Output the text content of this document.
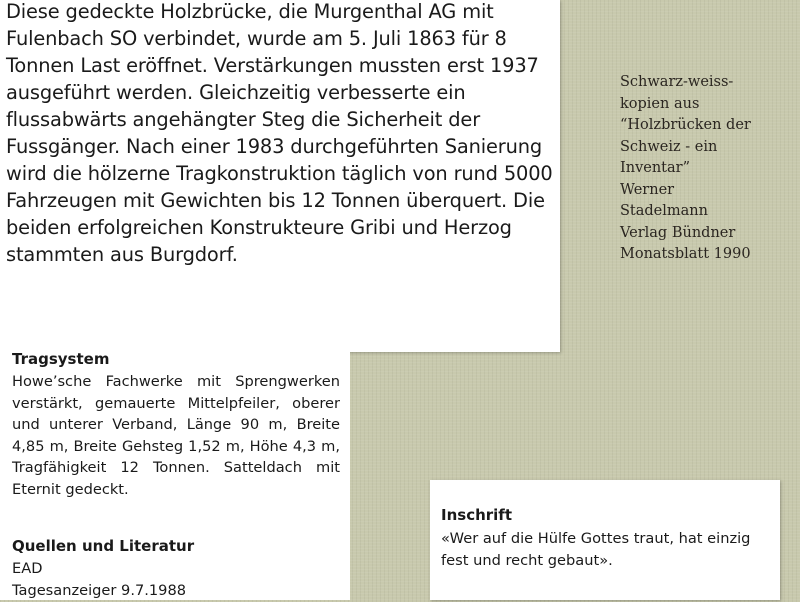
Diese gedeckte Holzbrücke, die Murgenthal AG mit Fulenbach SO verbindet, wurde am 5. Juli 1863 für 8 Tonnen Last eröffnet. Verstärkungen mussten erst 1937 ausgeführt werden. Gleichzeitig verbesserte ein flussabwärts angehängter Steg die Sicherheit der Fussgänger. Nach einer 1983 durchgeführten Sanierung wird die hölzerne Tragkonstruktion täglich von rund 5000 Fahrzeugen mit Gewichten bis 12 Tonnen überquert. Die beiden erfolgreichen Konstrukteure Gribi und Herzog stammten aus Burgdorf.

Tragsystem

Howe’sche Fachwerke mit Sprengwerken verstärkt, gemauerte Mittelpfeiler, oberer und unterer Verband, Länge 90 m, Breite 4,85 m, Breite Gehsteg 1,52 m, Höhe 4,3 m, Tragfähigkeit 12 Tonnen. Satteldach mit Eternit gedeckt.

Quellen und Literatur

EAD

Tagesanzeiger 9.7.1988

Inschrift

«Wer auf die Hülfe Gottes traut, hat einzig fest und recht gebaut».

Schwarz-weiss-
kopien aus
“Holzbrücken der
Schweiz - ein
Inventar”
Werner
Stadelmann
Verlag Bündner
Monatsblatt 1990
